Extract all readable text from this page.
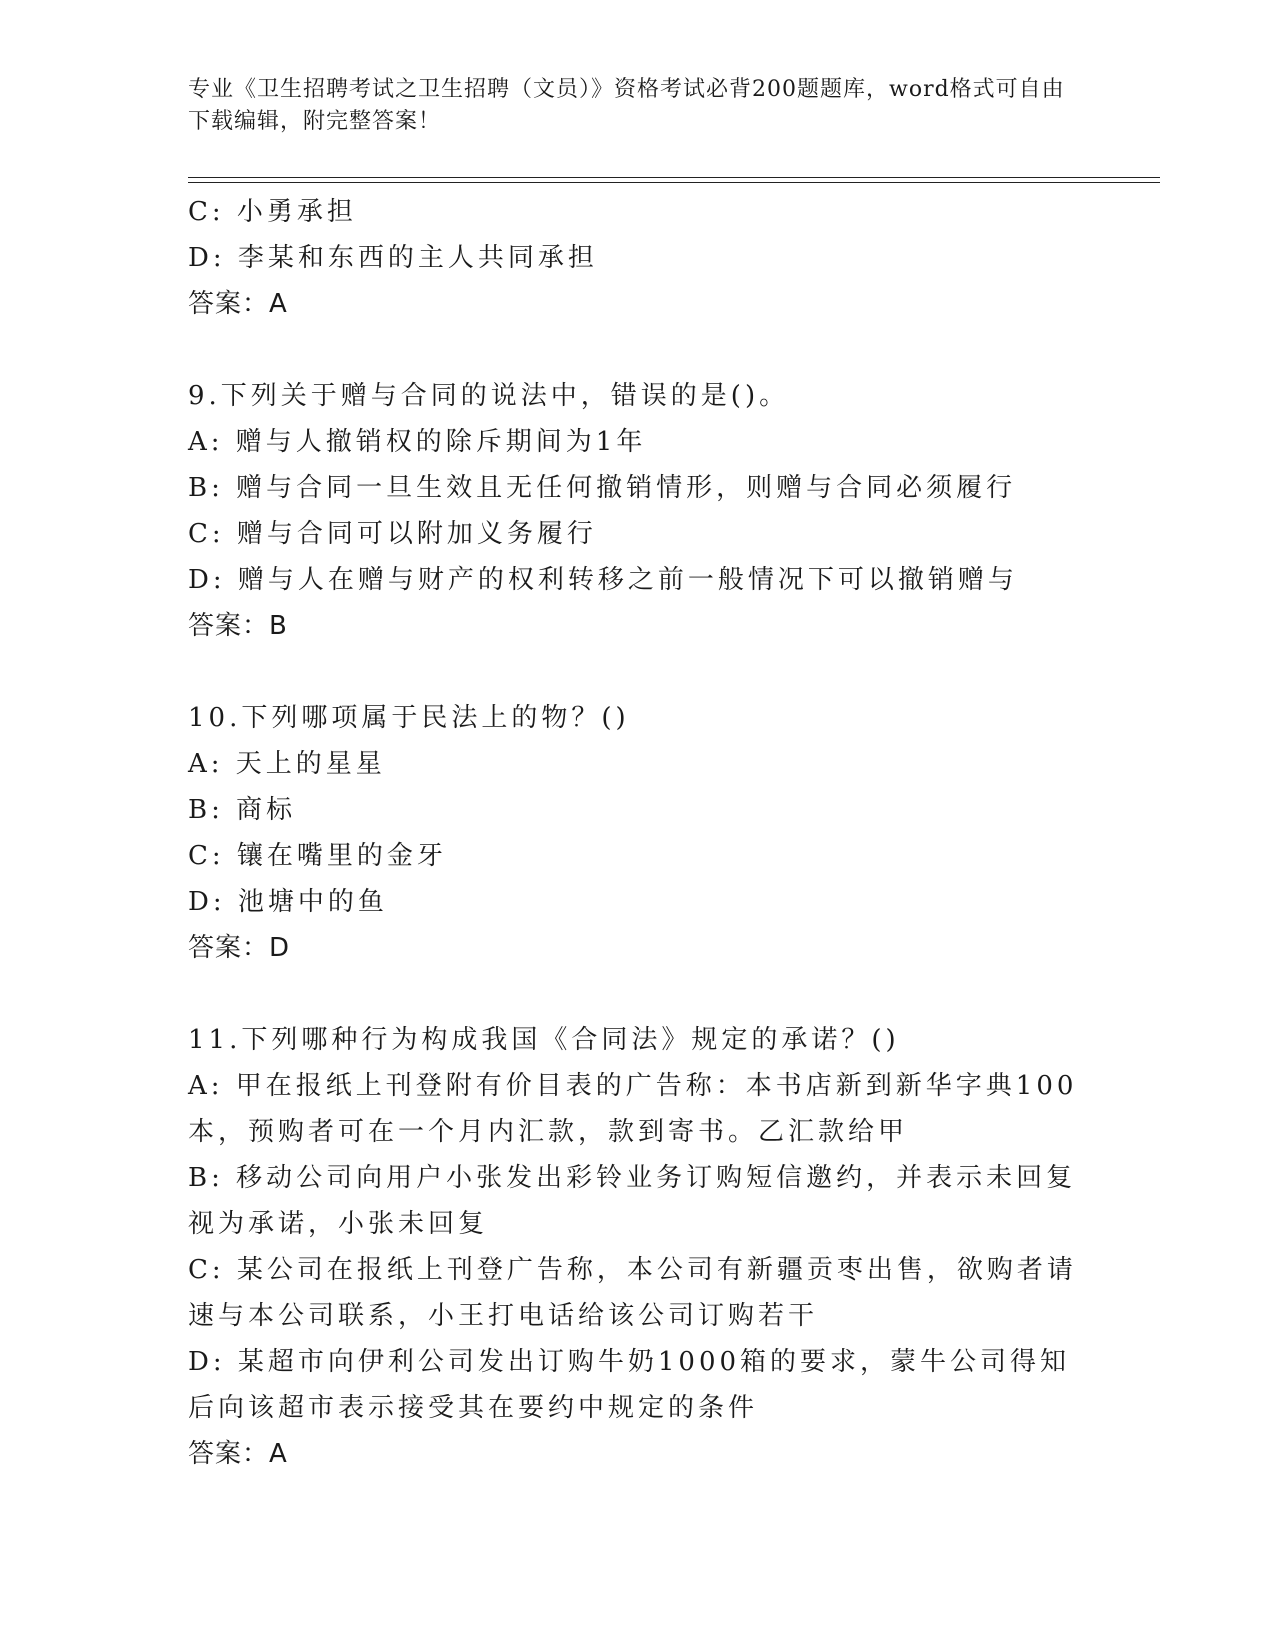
专业《卫生招聘考试之卫生招聘（文员）》资格考试必背200题题库，word格式可自由下载编辑，附完整答案！
C: 小勇承担
D: 李某和东西的主人共同承担
答案：A
9.下列关于赠与合同的说法中，错误的是()。
A: 赠与人撤销权的除斥期间为1年
B: 赠与合同一旦生效且无任何撤销情形，则赠与合同必须履行
C: 赠与合同可以附加义务履行
D: 赠与人在赠与财产的权利转移之前一般情况下可以撤销赠与
答案：B
10.下列哪项属于民法上的物？()
A: 天上的星星
B: 商标
C: 镶在嘴里的金牙
D: 池塘中的鱼
答案：D
11.下列哪种行为构成我国《合同法》规定的承诺？()
A: 甲在报纸上刊登附有价目表的广告称：本书店新到新华字典100本，预购者可在一个月内汇款，款到寄书。乙汇款给甲
B: 移动公司向用户小张发出彩铃业务订购短信邀约，并表示未回复视为承诺，小张未回复
C: 某公司在报纸上刊登广告称，本公司有新疆贡枣出售，欲购者请速与本公司联系，小王打电话给该公司订购若干
D: 某超市向伊利公司发出订购牛奶1000箱的要求，蒙牛公司得知后向该超市表示接受其在要约中规定的条件
答案：A
